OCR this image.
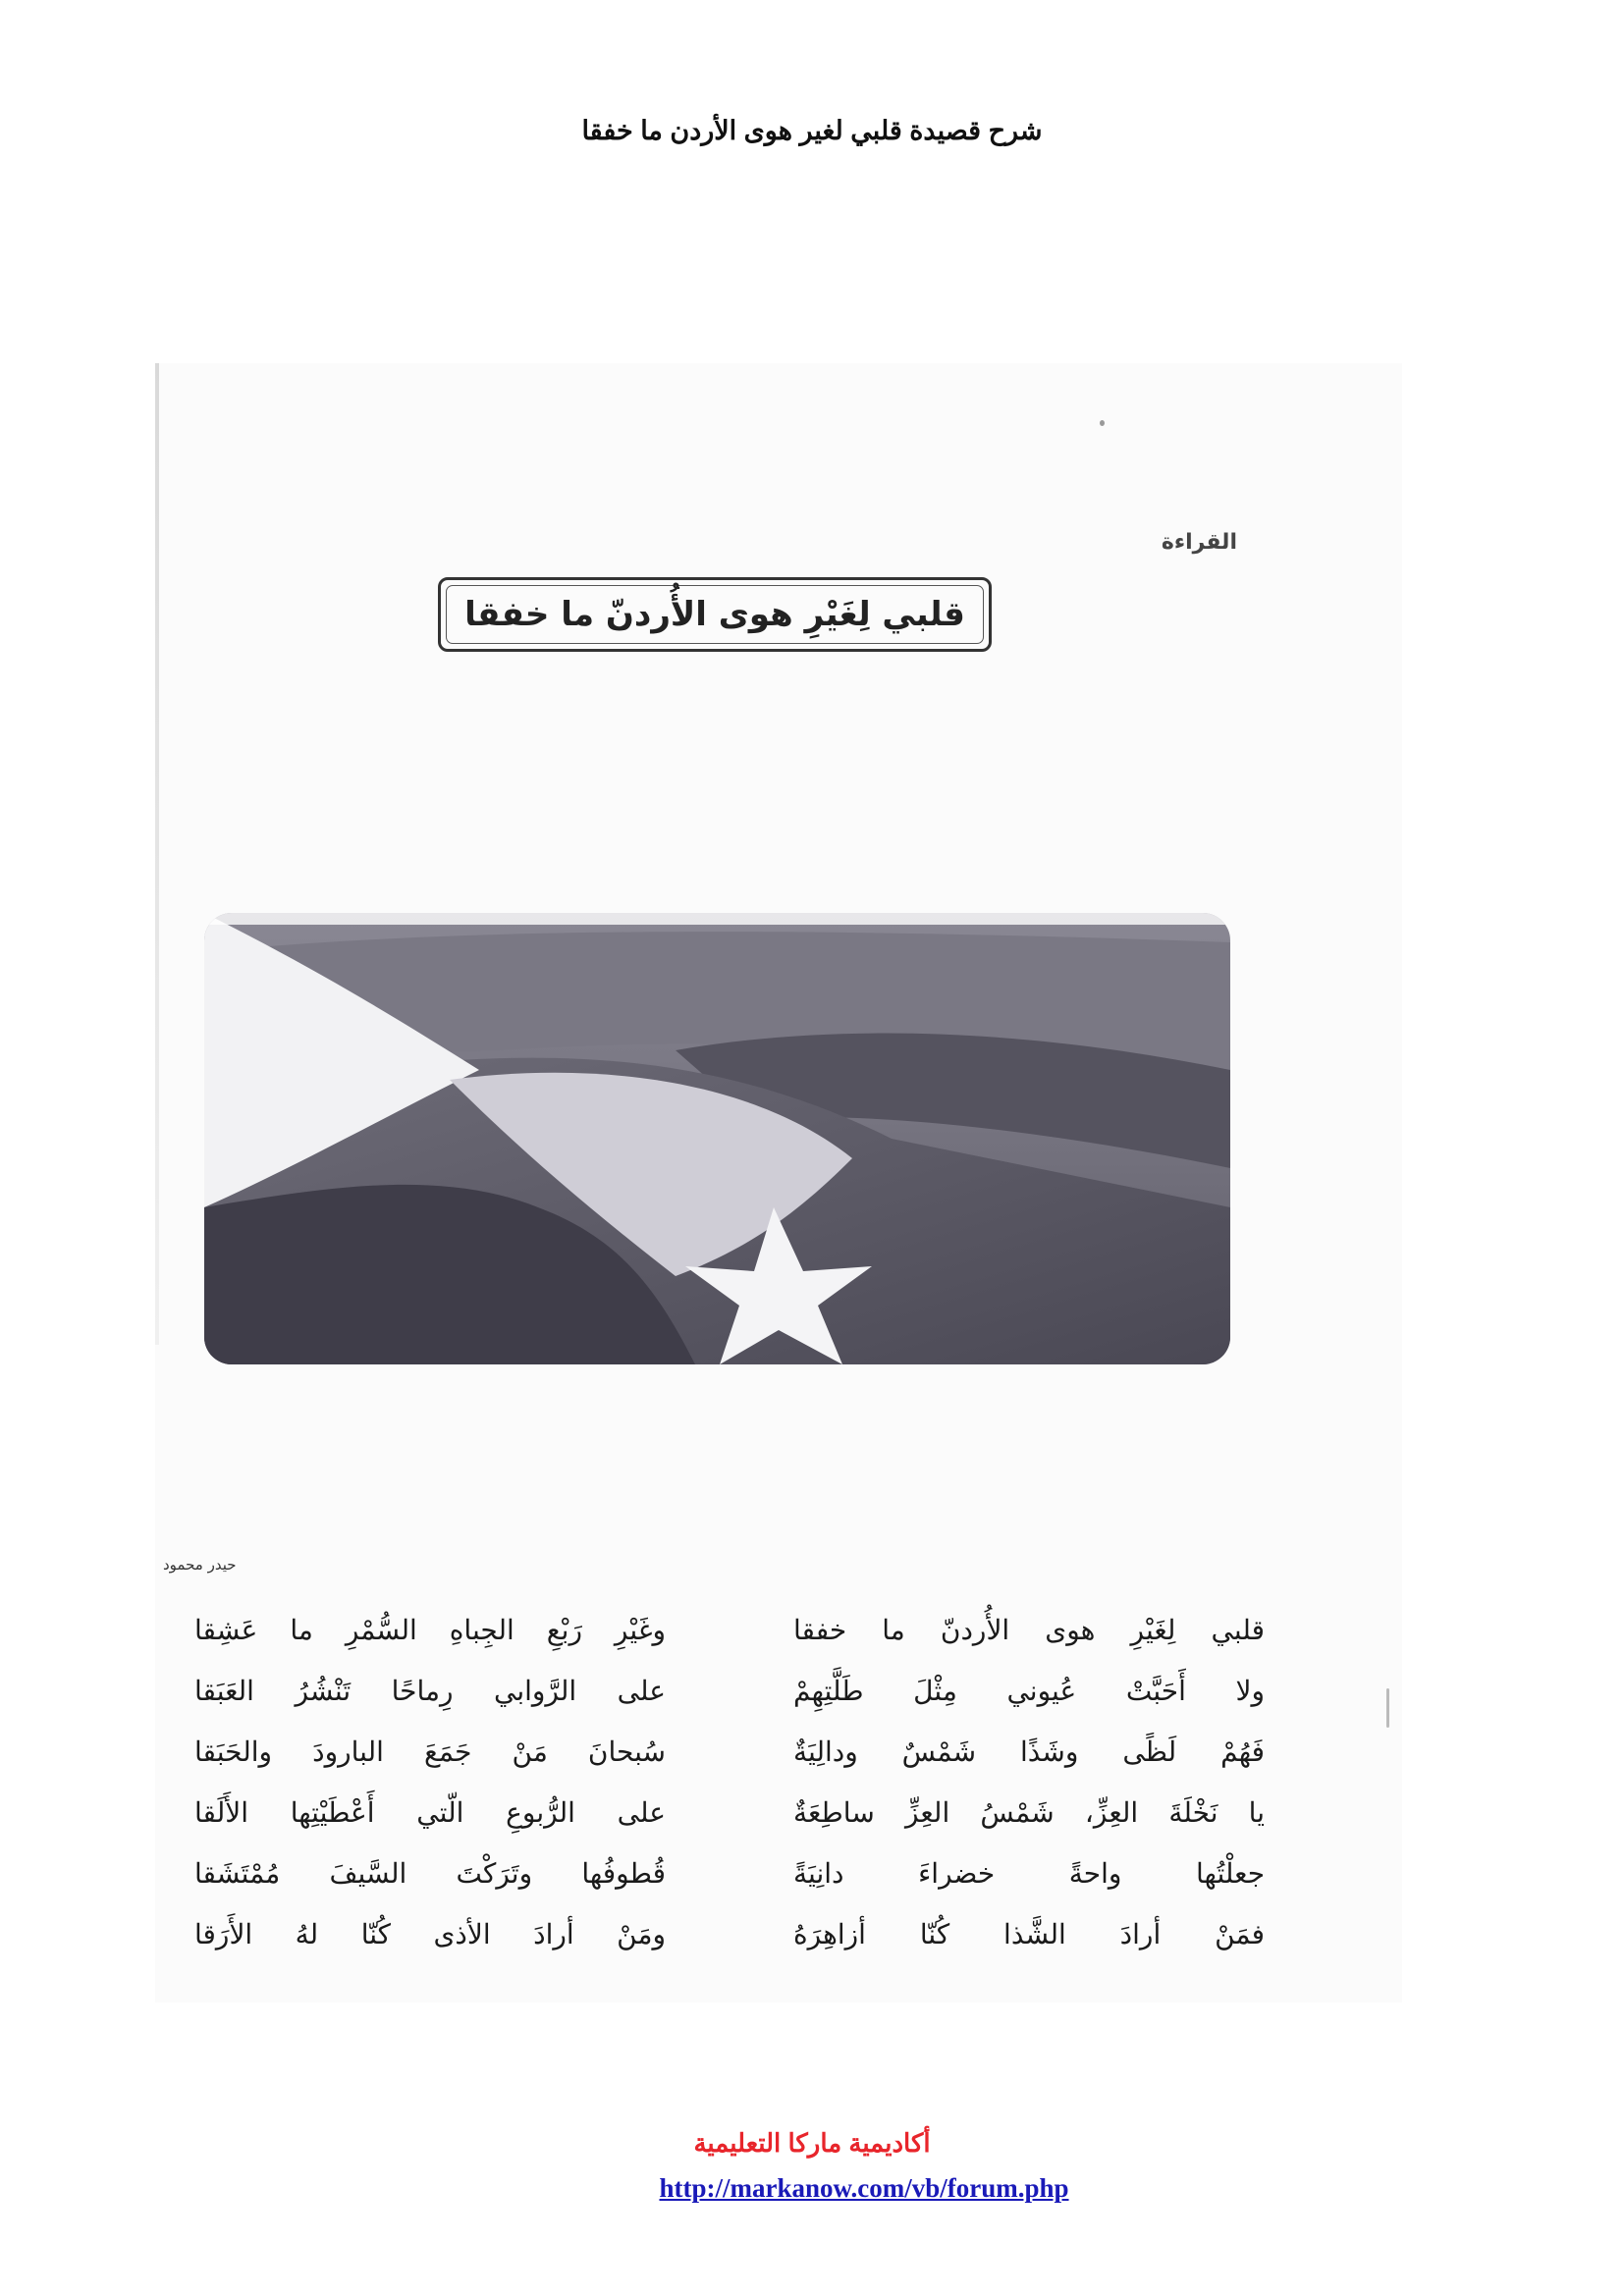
شرح قصيدة قلبي لغير هوى الأردن ما خفقا
القراءة
قلبي لِغَيْرِ هوى الأُردنّ ما خفقا
حيدر محمود
قلبي لِغَيْرِ هوى الأُردنّ ما خفقا
ولا أَحَبَّتْ عُيوني مِثْلَ طَلَّتِهِمْ
فَهُمْ لَظًى وشَذًا شَمْسٌ ودالِيَةٌ
يا نَخْلَةَ العِزِّ، شَمْسُ العِزِّ ساطِعَةٌ
جعلْتُها واحةً خضراءَ دانِيَةً
فمَنْ أرادَ الشَّذا كُنّا أزاهِرَهُ
وغَيْرِ رَبْعِ الجِباهِ السُّمْرِ ما عَشِقا
على الرَّوابي رِماحًا تَنْشُرُ العَبَقا
سُبحانَ مَنْ جَمَعَ البارودَ والحَبَقا
على الرُّبوعِ الّتي أَعْطَيْتِها الأَلَقا
قُطوفُها وتَرَكْتَ السَّيفَ مُمْتَشَقا
ومَنْ أرادَ الأذى كُنّا لهُ الأَرَقا
أكاديمية ماركا التعليمية
http://markanow.com/vb/forum.php
